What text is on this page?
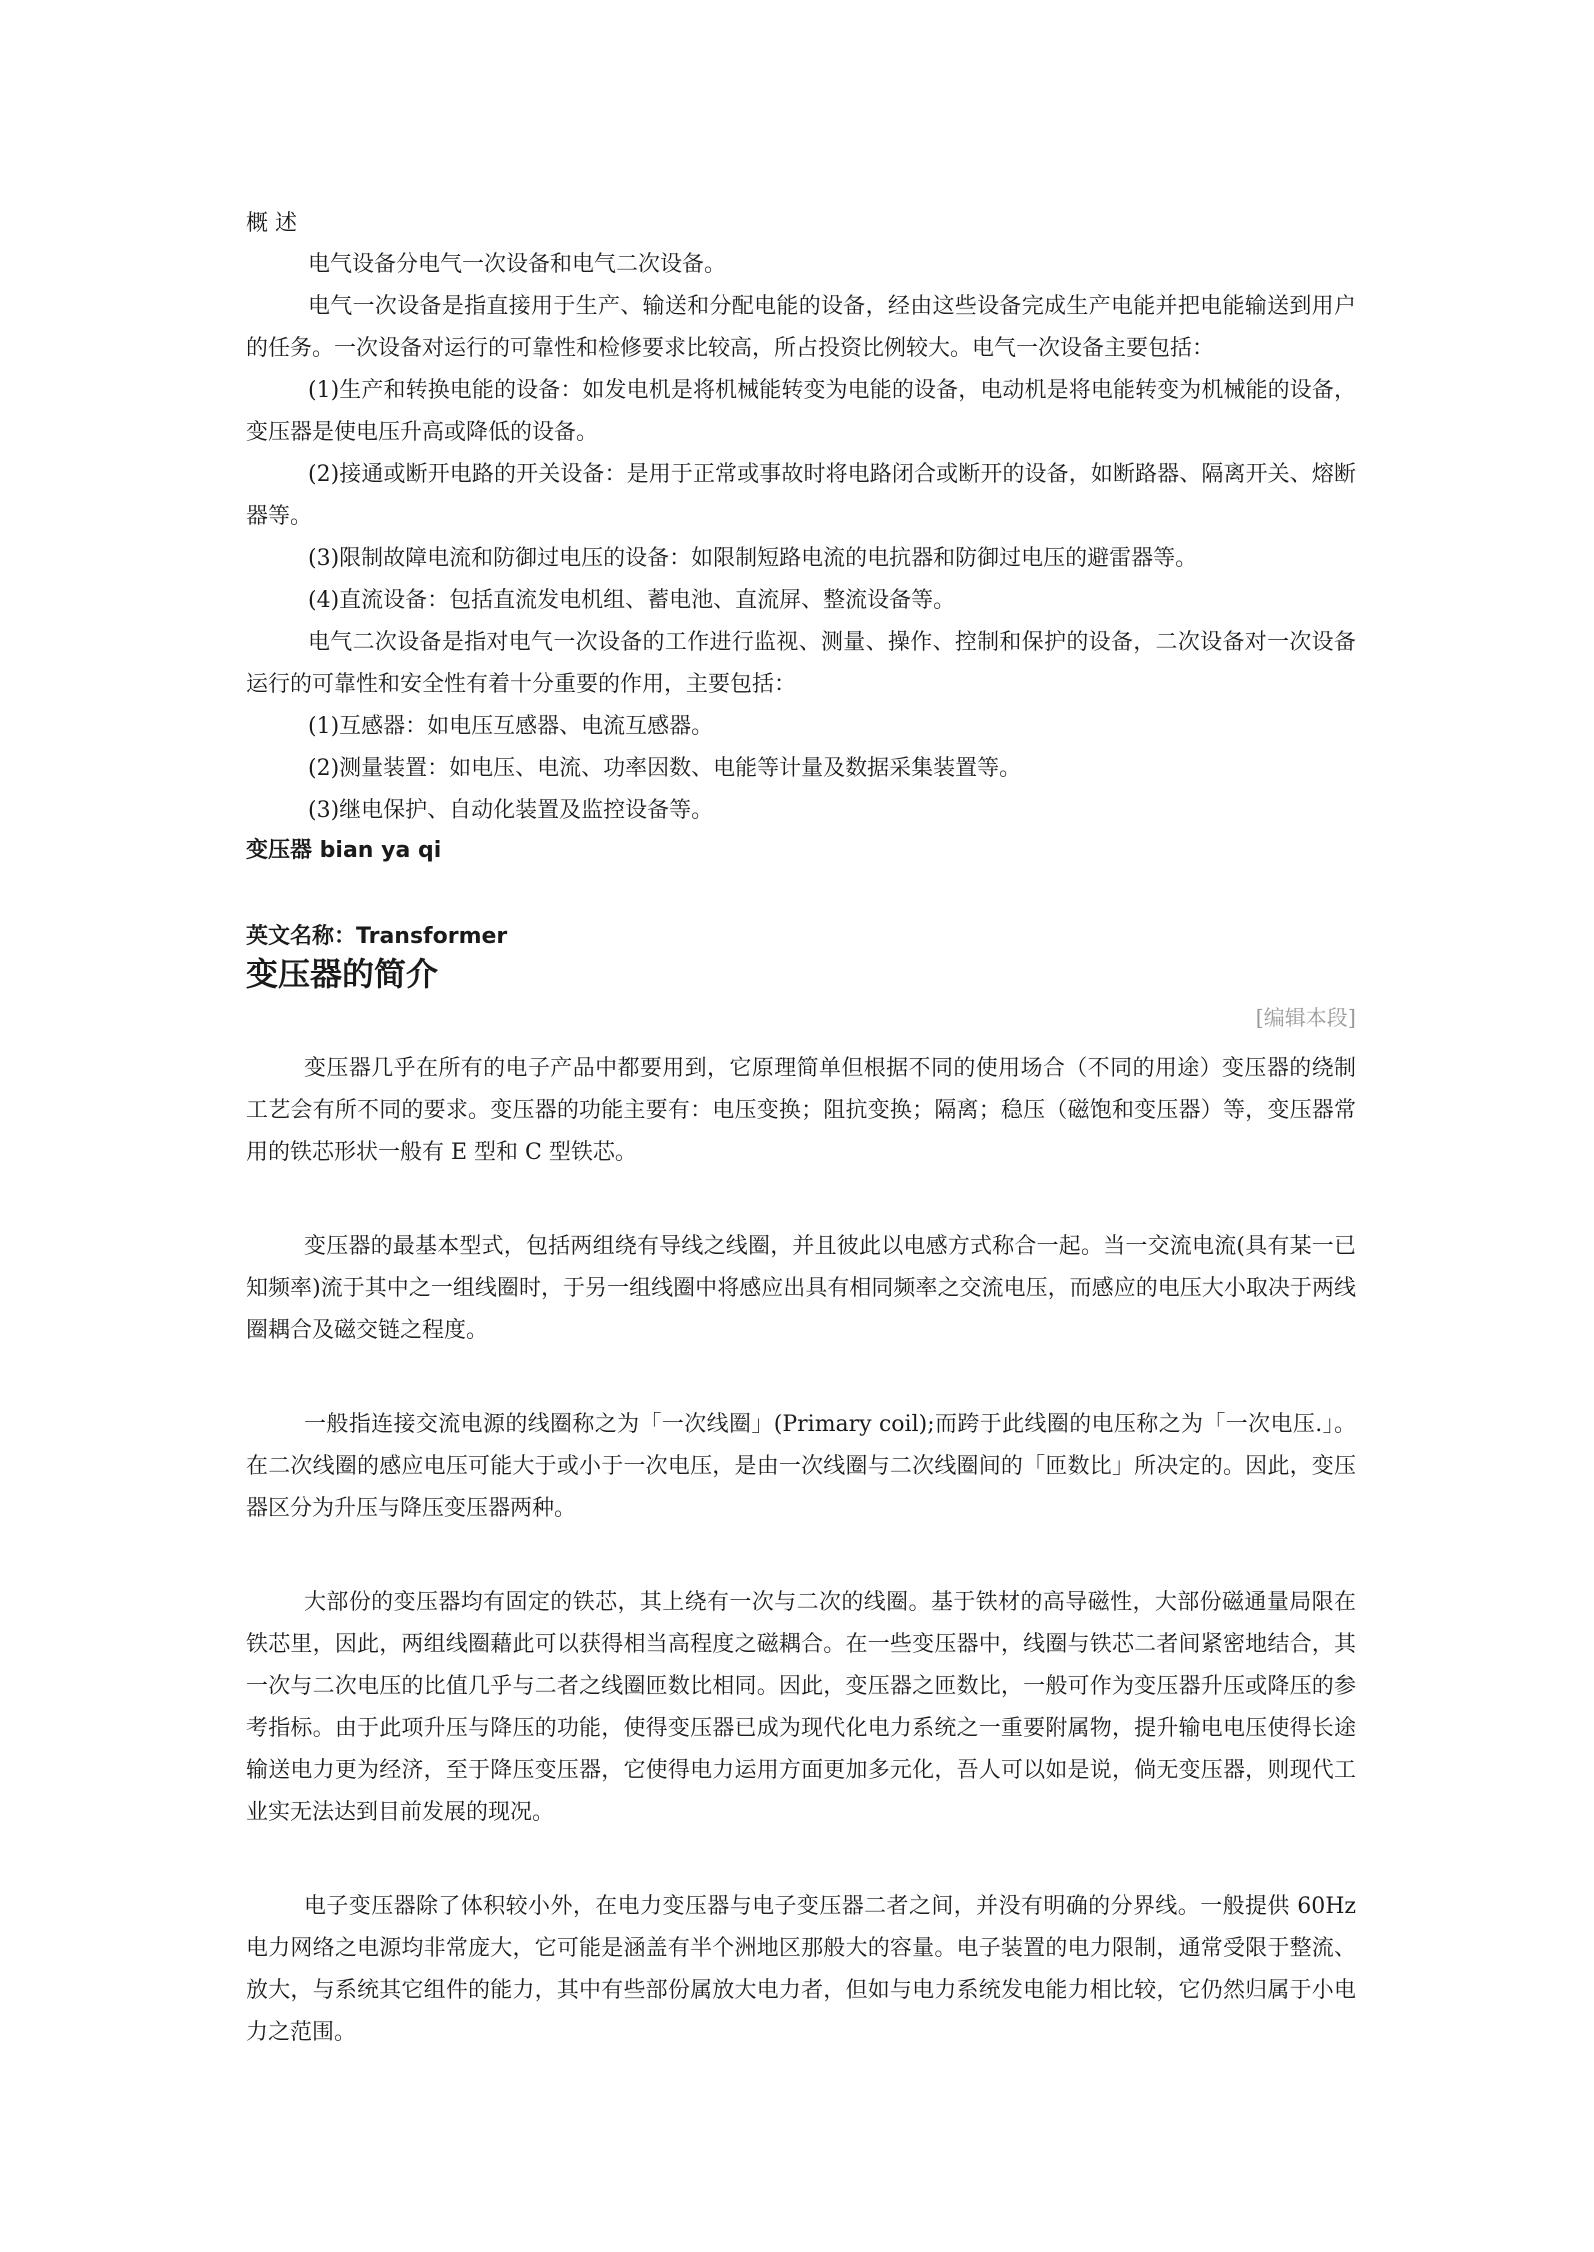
概 述

电气设备分电气一次设备和电气二次设备。

电气一次设备是指直接用于生产、输送和分配电能的设备，经由这些设备完成生产电能并把电能输送到用户的任务。一次设备对运行的可靠性和检修要求比较高，所占投资比例较大。电气一次设备主要包括：

(1)生产和转换电能的设备：如发电机是将机械能转变为电能的设备，电动机是将电能转变为机械能的设备，变压器是使电压升高或降低的设备。

(2)接通或断开电路的开关设备：是用于正常或事故时将电路闭合或断开的设备，如断路器、隔离开关、熔断器等。

(3)限制故障电流和防御过电压的设备：如限制短路电流的电抗器和防御过电压的避雷器等。

(4)直流设备：包括直流发电机组、蓄电池、直流屏、整流设备等。

电气二次设备是指对电气一次设备的工作进行监视、测量、操作、控制和保护的设备，二次设备对一次设备运行的可靠性和安全性有着十分重要的作用，主要包括：

(1)互感器：如电压互感器、电流互感器。

(2)测量装置：如电压、电流、功率因数、电能等计量及数据采集装置等。

(3)继电保护、自动化装置及监控设备等。

变压器 bian ya qi
英文名称：Transformer
变压器的简介

[编辑本段]

变压器几乎在所有的电子产品中都要用到，它原理简单但根据不同的使用场合（不同的用途）变压器的绕制工艺会有所不同的要求。变压器的功能主要有：电压变换；阻抗变换；隔离；稳压（磁饱和变压器）等，变压器常用的铁芯形状一般有 E 型和 C 型铁芯。

变压器的最基本型式，包括两组绕有导线之线圈，并且彼此以电感方式称合一起。当一交流电流(具有某一已知频率)流于其中之一组线圈时，于另一组线圈中将感应出具有相同频率之交流电压，而感应的电压大小取决于两线圈耦合及磁交链之程度。

一般指连接交流电源的线圈称之为「一次线圈」(Primary coil);而跨于此线圈的电压称之为「一次电压.」。在二次线圈的感应电压可能大于或小于一次电压，是由一次线圈与二次线圈间的「匝数比」所决定的。因此，变压器区分为升压与降压变压器两种。

大部份的变压器均有固定的铁芯，其上绕有一次与二次的线圈。基于铁材的高导磁性，大部份磁通量局限在铁芯里，因此，两组线圈藉此可以获得相当高程度之磁耦合。在一些变压器中，线圈与铁芯二者间紧密地结合，其一次与二次电压的比值几乎与二者之线圈匝数比相同。因此，变压器之匝数比，一般可作为变压器升压或降压的参考指标。由于此项升压与降压的功能，使得变压器已成为现代化电力系统之一重要附属物，提升输电电压使得长途输送电力更为经济，至于降压变压器，它使得电力运用方面更加多元化，吾人可以如是说，倘无变压器，则现代工业实无法达到目前发展的现况。

电子变压器除了体积较小外，在电力变压器与电子变压器二者之间，并没有明确的分界线。一般提供 60Hz 电力网络之电源均非常庞大，它可能是涵盖有半个洲地区那般大的容量。电子装置的电力限制，通常受限于整流、放大，与系统其它组件的能力，其中有些部份属放大电力者，但如与电力系统发电能力相比较，它仍然归属于小电力之范围。
